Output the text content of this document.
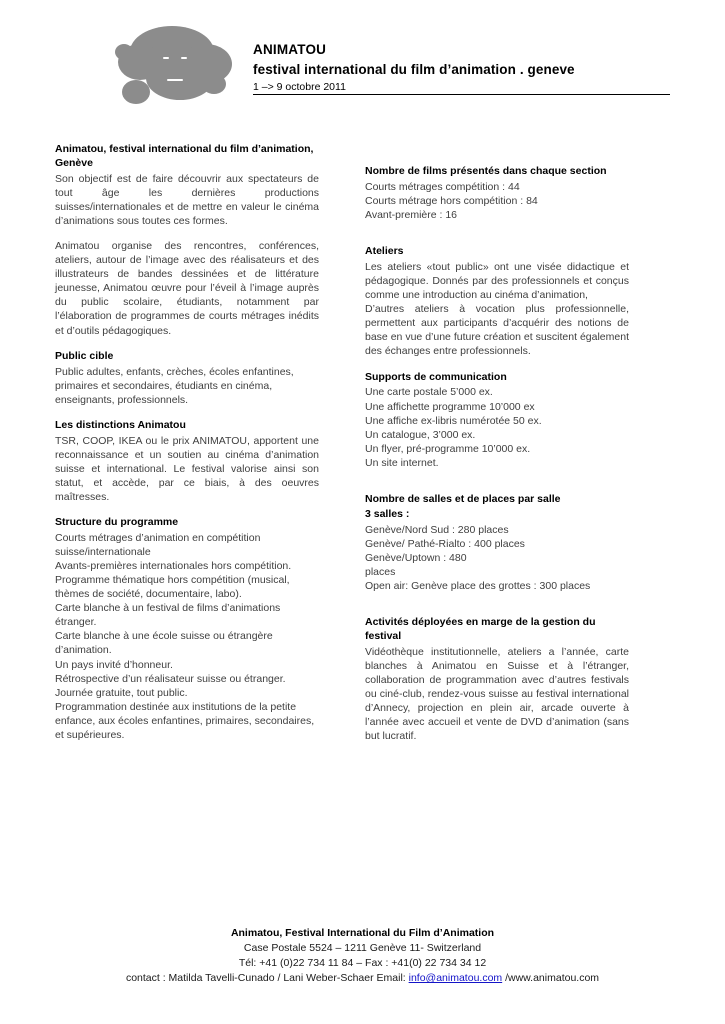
ANIMATOU
festival international du film d’animation . geneve
1 –> 9 octobre 2011
Animatou, festival international du film d’animation, Genève

Son objectif est de faire découvrir aux spectateurs de tout âge les dernières productions suisses/internationales et de mettre en valeur le cinéma d’animations sous toutes ces formes.

Animatou organise des rencontres, conférences, ateliers, autour de l’image avec des réalisateurs et des illustrateurs de bandes dessinées et de littérature jeunesse, Animatou œuvre pour l’éveil à l’image auprès du public scolaire, étudiants, notamment par l’élaboration de programmes de courts métrages inédits et d’outils pédagogiques.

Public cible

Public adultes, enfants, crèches, écoles enfantines, primaires et secondaires, étudiants en cinéma, enseignants, professionnels.

Les distinctions Animatou

TSR, COOP, IKEA ou le prix ANIMATOU, apportent une reconnaissance et un soutien au cinéma d’animation suisse et international. Le festival valorise ainsi son statut, et accède, par ce biais, à des oeuvres maîtresses.

Structure du programme

Courts métrages d’animation en compétition suisse/internationale

Avants-premières internationales hors compétition.

Programme thématique hors compétition (musical, thèmes de société, documentaire, labo).

Carte blanche à un festival de films d’animations étranger.

Carte blanche à une école suisse ou étrangère d’animation.

Un pays invité d’honneur.

Rétrospective d’un réalisateur suisse ou étranger.

Journée gratuite, tout public.

Programmation destinée aux institutions de la petite enfance, aux écoles enfantines, primaires, secondaires, et supérieures.

Nombre de films présentés dans chaque section

Courts métrages compétition : 44

Courts métrage hors compétition : 84

Avant-première : 16

Ateliers

Les ateliers «tout public» ont une visée didactique et pédagogique. Donnés par des professionnels et conçus comme une introduction au cinéma d’animation,

D’autres ateliers à vocation plus professionnelle, permettent aux participants d’acquérir des notions de base en vue d’une future création et suscitent également des échanges entre professionnels.

Supports de communication

Une carte postale 5’000 ex.

Une affichette programme 10’000 ex

Une affiche ex-libris numérotée 50 ex.

Un catalogue, 3’000 ex.

Un flyer, pré-programme 10’000 ex.

Un site internet.

Nombre de salles et de places par salle
3 salles :

Genève/Nord Sud : 280 places

Genève/ Pathé-Rialto : 400 places

Genève/Uptown : 480

places

Open air: Genève place des grottes : 300 places

Activités déployées en marge de la gestion du festival

Vidéothèque institutionnelle, ateliers a l’année, carte blanches à Animatou en Suisse et à l’étranger, collaboration de programmation avec d’autres festivals ou ciné-club, rendez-vous suisse au festival international d’Annecy, projection en plein air, arcade ouverte à l’année avec accueil et vente de DVD d’animation (sans but lucratif.

Animatou, Festival International du Film d’Animation
Case Postale 5524 – 1211 Genève 11- Switzerland
Tél: +41 (0)22 734 11 84 – Fax : +41(0) 22 734 34 12
contact : Matilda Tavelli-Cunado / Lani Weber-Schaer Email: info@animatou.com /www.animatou.com
